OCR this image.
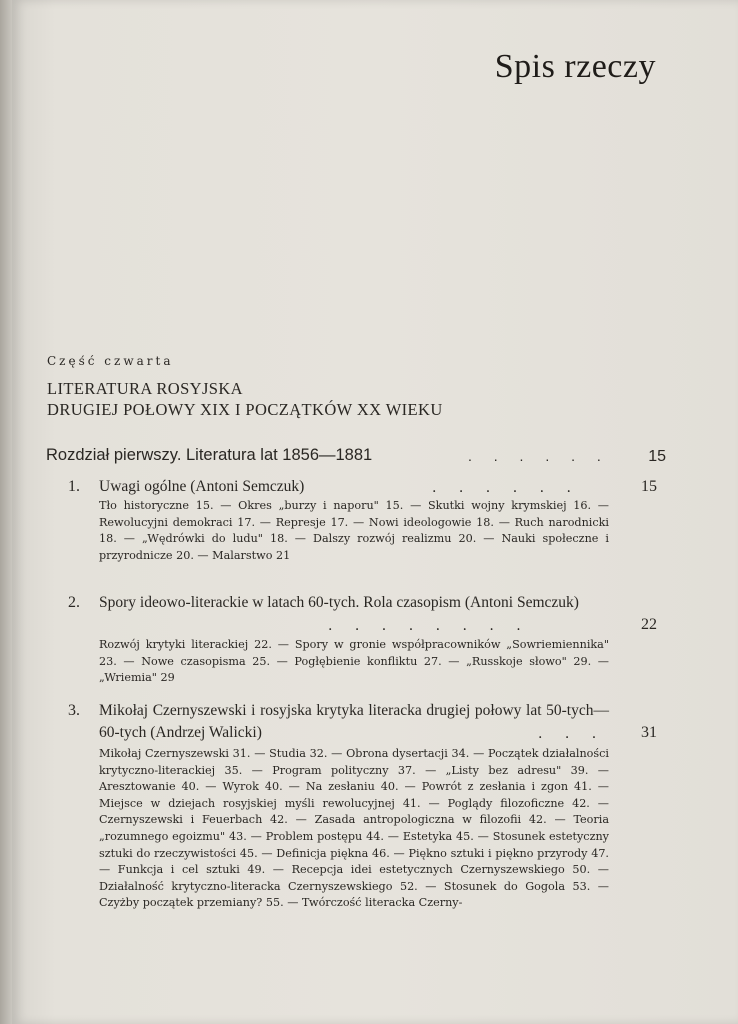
Spis rzeczy

Część czwarta

LITERATURA ROSYJSKA
DRUGIEJ POŁOWY XIX I POCZĄTKÓW XX WIEKU
Rozdział pierwszy. Literatura lat 1856—1881	. . . . . . 15
1. Uwagi ogólne (Antoni Semczuk)	. . . . . .	15
Tło historyczne 15. — Okres „burzy i naporu" 15. — Skutki wojny krymskiej 16. — Rewolucyjni demokraci 17. — Represje 17. — Nowi ideologowie 18. — Ruch narodnicki 18. — „Wędrówki do ludu" 18. — Dalszy rozwój realizmu 20. — Nauki społeczne i przyrodnicze 20. — Malarstwo 21
2. Spory ideowo-literackie w latach 60-tych. Rola czasopism (Antoni Semczuk)
. . . . . . . .	22
Rozwój krytyki literackiej 22. — Spory w gronie współpracowników „Sowriemiennika" 23. — Nowe czasopisma 25. — Pogłębienie konfliktu 27. — „Russkoje słowo" 29. — „Wriemia" 29
3. Mikołaj Czernyszewski i rosyjska krytyka literacka drugiej połowy lat 50-tych—60-tych (Andrzej Walicki)	. . . 31
Mikołaj Czernyszewski 31. — Studia 32. — Obrona dysertacji 34. — Początek działalności krytyczno-literackiej 35. — Program polityczny 37. — „Listy bez adresu" 39. — Aresztowanie 40. — Wyrok 40. — Na zesłaniu 40. — Powrót z zesłania i zgon 41. — Miejsce w dziejach rosyjskiej myśli rewolucyjnej 41. — Poglądy filozoficzne 42. — Czernyszewski i Feuerbach 42. — Zasada antropologiczna w filozofii 42. — Teoria „rozumnego egoizmu" 43. — Problem postępu 44. — Estetyka 45. — Stosunek estetyczny sztuki do rzeczywistości 45. — Definicja piękna 46. — Piękno sztuki i piękno przyrody 47. — Funkcja i cel sztuki 49. — Recepcja idei estetycznych Czernyszewskiego 50. — Działalność krytyczno-literacka Czernyszewskiego 52. — Stosunek do Gogola 53. — Czyżby początek przemiany? 55. — Twórczość literacka Czerny-
